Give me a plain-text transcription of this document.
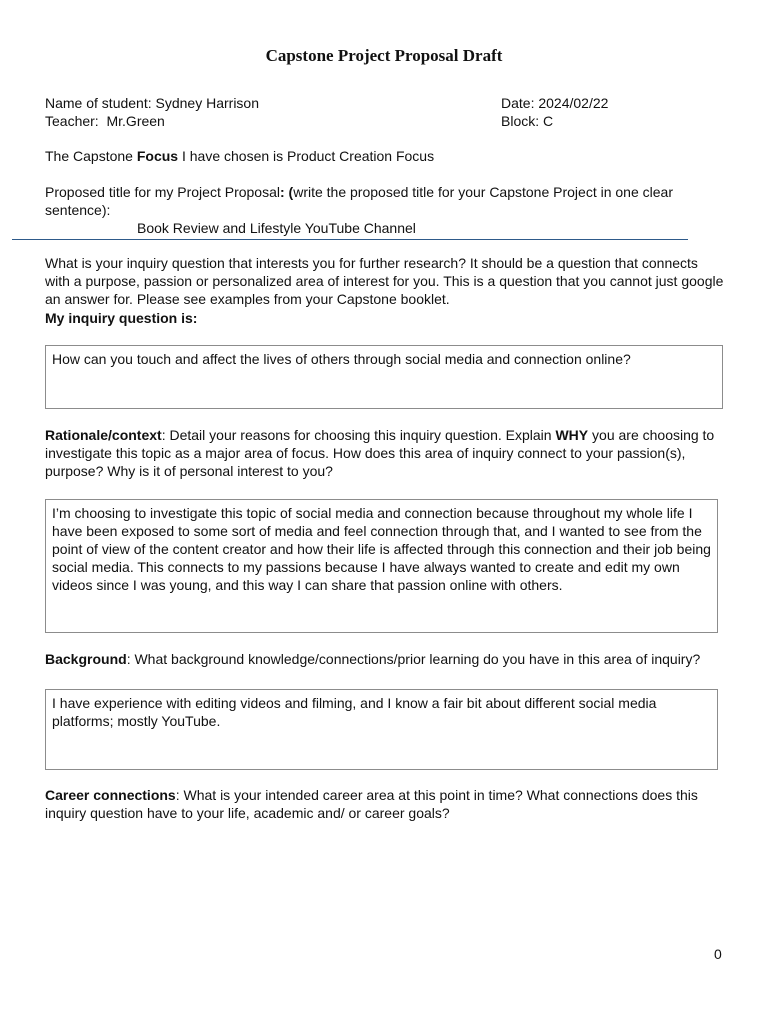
Capstone Project Proposal Draft
Name of student: Sydney Harrison
Teacher: Mr.Green
Date: 2024/02/22
Block: C
The Capstone Focus I have chosen is Product Creation Focus
Proposed title for my Project Proposal: (write the proposed title for your Capstone Project in one clear sentence):
Book Review and Lifestyle YouTube Channel
What is your inquiry question that interests you for further research? It should be a question that connects with a purpose, passion or personalized area of interest for you. This is a question that you cannot just google an answer for. Please see examples from your Capstone booklet.
My inquiry question is:
How can you touch and affect the lives of others through social media and connection online?
Rationale/context: Detail your reasons for choosing this inquiry question. Explain WHY you are choosing to investigate this topic as a major area of focus. How does this area of inquiry connect to your passion(s), purpose? Why is it of personal interest to you?
I’m choosing to investigate this topic of social media and connection because throughout my whole life I have been exposed to some sort of media and feel connection through that, and I wanted to see from the point of view of the content creator and how their life is affected through this connection and their job being social media. This connects to my passions because I have always wanted to create and edit my own videos since I was young, and this way I can share that passion online with others.
Background: What background knowledge/connections/prior learning do you have in this area of inquiry?
I have experience with editing videos and filming, and I know a fair bit about different social media platforms; mostly YouTube.
Career connections: What is your intended career area at this point in time? What connections does this inquiry question have to your life, academic and/ or career goals?
0
